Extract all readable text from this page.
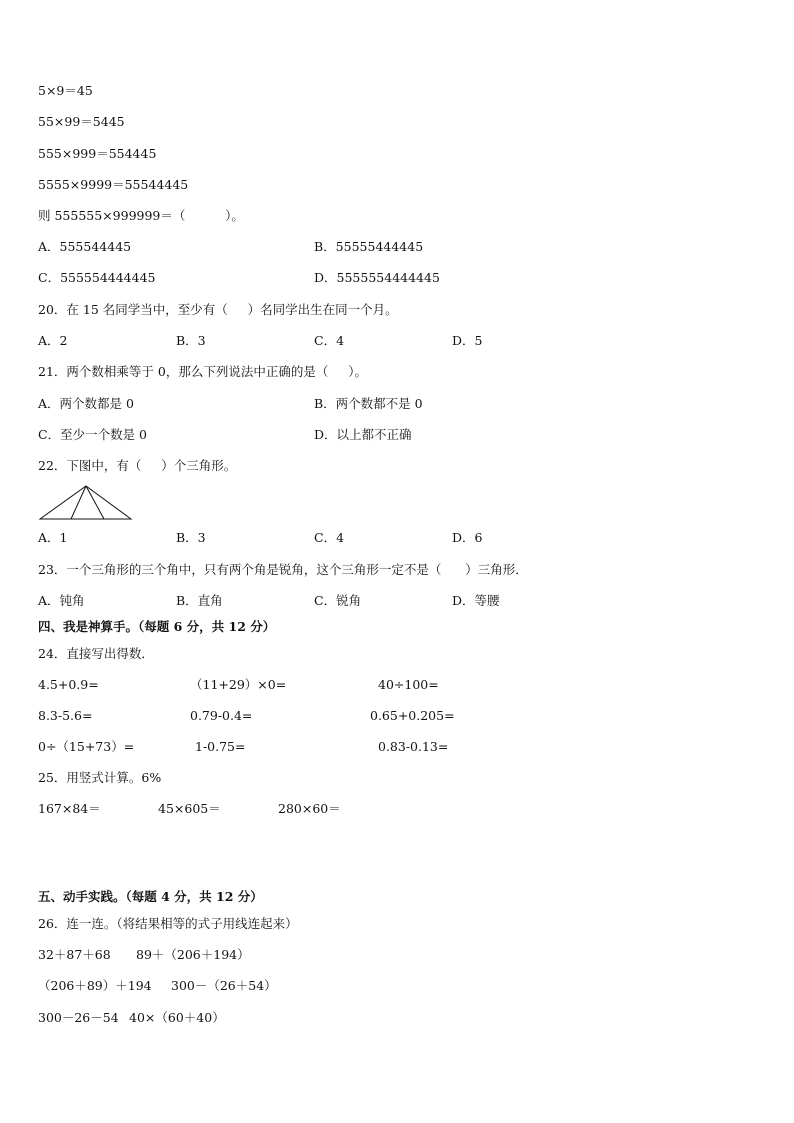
5×9＝45
55×99＝5445
555×999＝554445
5555×9999＝55544445
则 555555×999999＝（          ）。
A．555544445	B．55555444445
C．555554444445	D．5555554444445
20．在 15 名同学当中，至少有（     ）名同学出生在同一个月。
A．2	B．3	C．4	D．5
21．两个数相乘等于 0，那么下列说法中正确的是（     ）。
A．两个数都是 0	B．两个数都不是 0
C．至少一个数是 0	D．以上都不正确
22．下图中，有（     ）个三角形。
A．1	B．3	C．4	D．6
23．一个三角形的三个角中，只有两个角是锐角，这个三角形一定不是（      ）三角形．
A．钝角	B．直角	C．锐角	D．等腰
四、我是神算手。（每题 6 分，共 12 分）
24．直接写出得数．
4.5+0.9=	（11+29）×0=	40÷100=
8.3-5.6=	0.79-0.4=	0.65+0.205=
0÷（15+73）=	1-0.75=	0.83-0.13=
25．用竖式计算。6%
167×84＝	45×605＝	280×60＝
五、动手实践。（每题 4 分，共 12 分）
26．连一连。（将结果相等的式子用线连起来）
32＋87＋68 89＋（206＋194）
（206＋89）＋194 300－（26＋54）
300－26－54 40×（60＋40）
